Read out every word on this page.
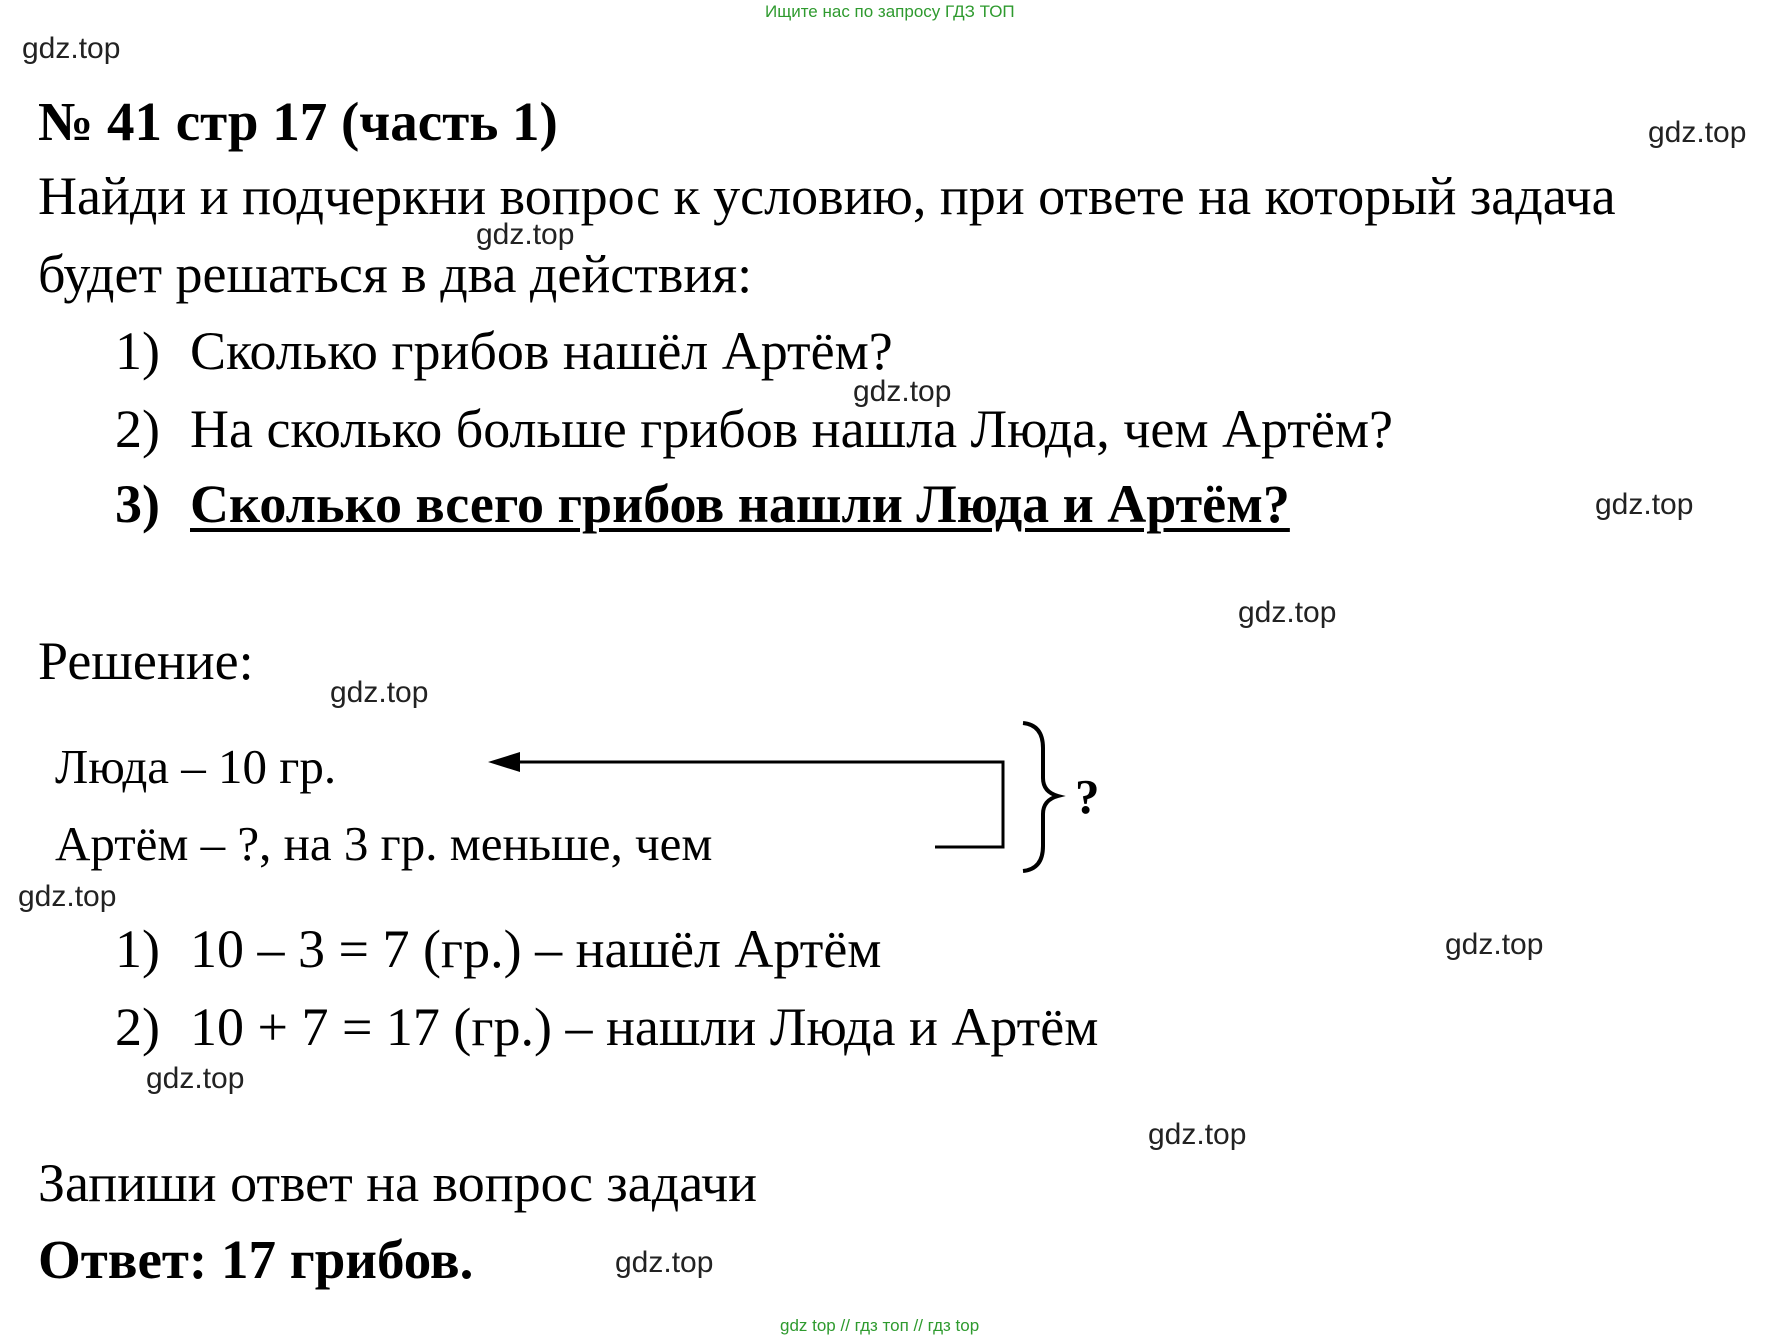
Ищите нас по запросу ГДЗ ТОП
gdz.top
gdz.top
gdz.top
gdz.top
gdz.top
gdz.top
gdz.top
gdz.top
gdz.top
gdz.top
gdz.top
gdz.top
№ 41 стр 17 (часть 1)
Найди и подчеркни вопрос к условию, при ответе на который задача
будет решаться в два действия:
1) Сколько грибов нашёл Артём?
2) На сколько больше грибов нашла Люда, чем Артём?
3) Сколько всего грибов нашли Люда и Артём?
Решение:
Люда – 10 гр.
Артём – ?, на 3 гр. меньше, чем
?
1) 10 – 3 = 7 (гр.) – нашёл Артём
2) 10 + 7 = 17 (гр.) – нашли Люда и Артём
Запиши ответ на вопрос задачи
Ответ: 17 грибов.
gdz top // гдз топ // гдз top
